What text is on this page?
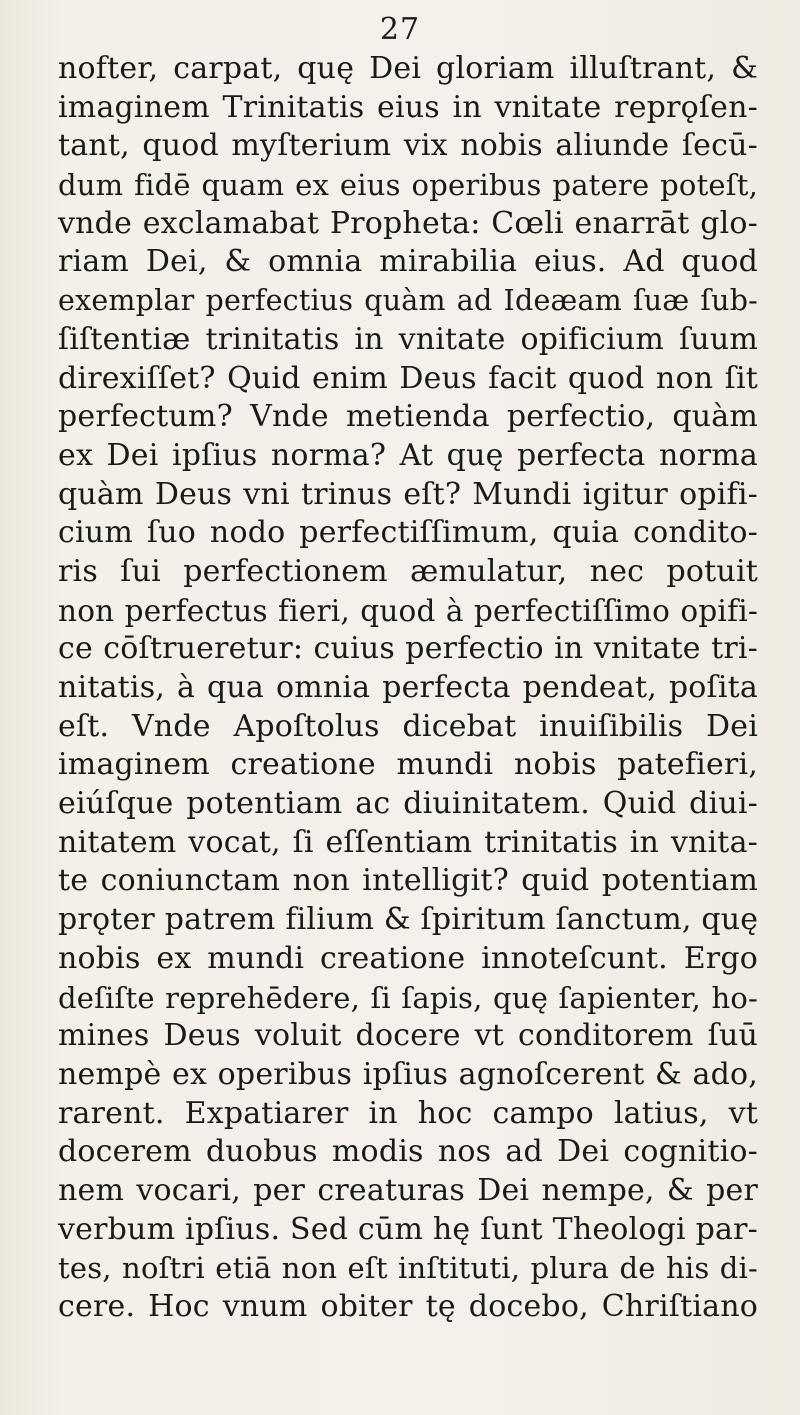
27
nofter, carpat, quę Dei gloriam illuſtrant, &
imaginem Trinitatis eius in vnitate reprǫſen-
tant, quod myſterium vix nobis aliunde ſecū-
dum fidē quam ex eius operibus patere poteſt,
vnde exclamabat Propheta: Cœli enarrāt glo-
riam Dei, & omnia mirabilia eius. Ad quod
exemplar perfectius quàm ad Ideæam ſuæ ſub-
ſiſtentiæ trinitatis in vnitate opificium ſuum
direxiſſet? Quid enim Deus facit quod non ſit
perfectum? Vnde metienda perfectio, quàm
ex Dei ipſius norma? At quę perfecta norma
quàm Deus vni trinus eſt? Mundi igitur opifi-
cium ſuo nodo perfectiſſimum, quia condito-
ris ſui perfectionem æmulatur, nec potuit
non perfectus fieri, quod à perfectiſſimo opifi-
ce cōſtrueretur: cuius perfectio in vnitate tri-
nitatis, à qua omnia perfecta pendeat, poſita
eſt. Vnde Apoſtolus dicebat inuiſibilis Dei
imaginem creatione mundi nobis patefieri,
eiúſque potentiam ac diuinitatem. Quid diui-
nitatem vocat, ſi eſſentiam trinitatis in vnita-
te coniunctam non intelligit? quid potentiam
prǫter patrem filium & ſpiritum ſanctum, quę
nobis ex mundi creatione innoteſcunt. Ergo
deſiſte reprehēdere, ſi ſapis, quę ſapienter, ho-
mines Deus voluit docere vt conditorem ſuū
nempè ex operibus ipſius agnoſcerent & ado,
rarent. Expatiarer in hoc campo latius, vt
docerem duobus modis nos ad Dei cognitio-
nem vocari, per creaturas Dei nempe, & per
verbum ipſius. Sed cūm hę ſunt Theologi par-
tes, noſtri etiā non eſt inſtituti, plura de his di-
cere. Hoc vnum obiter tę docebo, Chriſtiano
